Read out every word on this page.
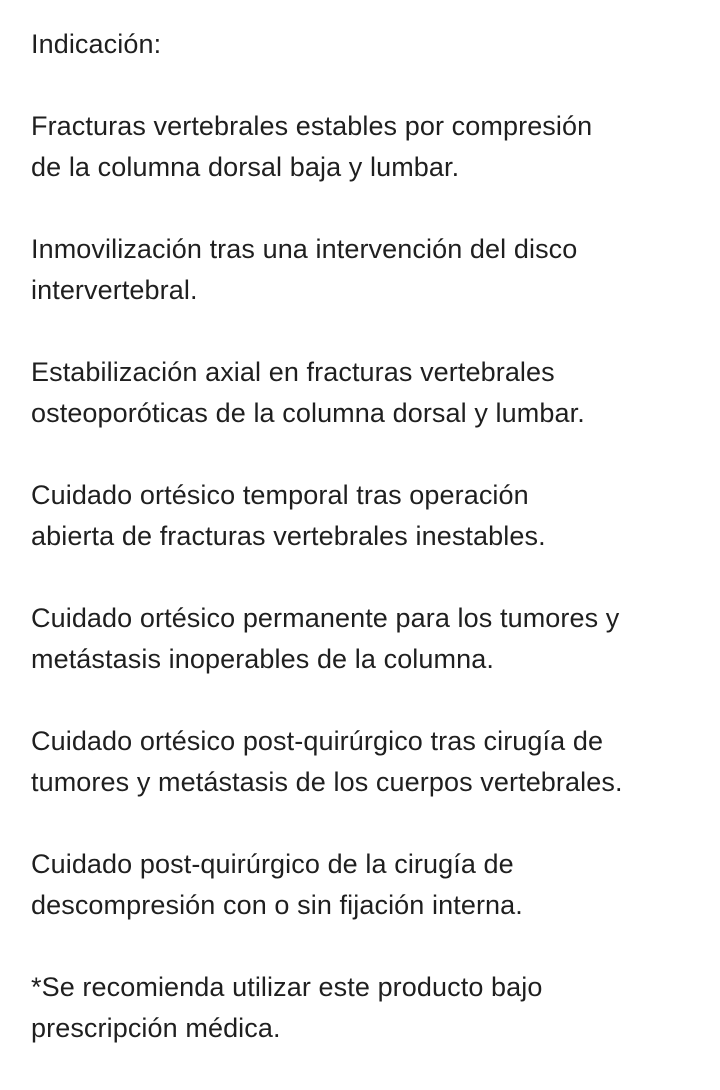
Indicación:

Fracturas vertebrales estables por compresión
de la columna dorsal baja y lumbar.

Inmovilización tras una intervención del disco
intervertebral.

Estabilización axial en fracturas vertebrales
osteoporóticas de la columna dorsal y lumbar.

Cuidado ortésico temporal tras operación
abierta de fracturas vertebrales inestables.

Cuidado ortésico permanente para los tumores y
metástasis inoperables de la columna.

Cuidado ortésico post-quirúrgico tras cirugía de
tumores y metástasis de los cuerpos vertebrales.

Cuidado post-quirúrgico de la cirugía de
descompresión con o sin fijación interna.

*Se recomienda utilizar este producto bajo
prescripción médica.
